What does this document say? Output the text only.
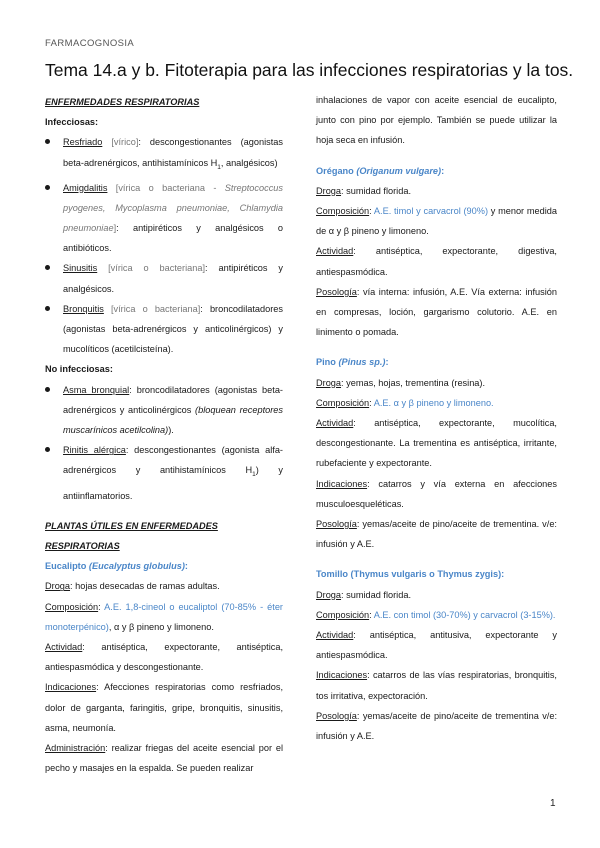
FARMACOGNOSIA
Tema 14.a y b. Fitoterapia para las infecciones respiratorias y la tos.

ENFERMEDADES RESPIRATORIAS

Infecciosas:

Resfriado [vírico]: descongestionantes (agonistas beta-adrenérgicos, antihistamínicos $H_1$, analgésicos)

Amigdalitis [vírica o bacteriana - Streptococcus pyogenes, Mycoplasma pneumoniae, Chlamydia pneumoniae]: antipiréticos y analgésicos o antibióticos.

Sinusitis [vírica o bacteriana]: antipiréticos y analgésicos.

Bronquitis [vírica o bacteriana]: broncodilatadores (agonistas beta-adrenérgicos y anticolinérgicos) y mucolíticos (acetilcisteína).

No infecciosas:

Asma bronquial: broncodilatadores (agonistas beta-adrenérgicos y anticolinérgicos (bloquean receptores muscarínicos acetilcolina)).

Rinitis alérgica: descongestionantes (agonista alfa-adrenérgicos y antihistamínicos $H_1$) y antiinflamatorios.

PLANTAS ÚTILES EN ENFERMEDADES RESPIRATORIAS

Eucalipto (Eucalyptus globulus):

Droga: hojas desecadas de ramas adultas.

Composición: A.E. 1,8-cineol o eucaliptol (70-85% - éter monoterpénico), α y β pineno y limoneno.

Actividad: antiséptica, expectorante, antiséptica, antiespasmódica y descongestionante.

Indicaciones: Afecciones respiratorias como resfriados, dolor de garganta, faringitis, gripe, bronquitis, sinusitis, asma, neumonía.

Administración: realizar friegas del aceite esencial por el pecho y masajes en la espalda. Se pueden realizar

inhalaciones de vapor con aceite esencial de eucalipto, junto con pino por ejemplo. También se puede utilizar la hoja seca en infusión.

Orégano (Origanum vulgare):

Droga: sumidad florida.

Composición: A.E. timol y carvacrol (90%) y menor medida de α y β pineno y limoneno.

Actividad: antiséptica, expectorante, digestiva, antiespasmódica.

Posología: vía interna: infusión, A.E. Vía externa: infusión en compresas, loción, gargarismo colutorio. A.E. en linimento o pomada.

Pino (Pinus sp.):

Droga: yemas, hojas, trementina (resina).

Composición: A.E. α y β pineno y limoneno.

Actividad: antiséptica, expectorante, mucolítica, descongestionante. La trementina es antiséptica, irritante, rubefaciente y expectorante.

Indicaciones: catarros y vía externa en afecciones musculoesqueléticas.

Posología: yemas/aceite de pino/aceite de trementina. v/e: infusión y A.E.

Tomillo (Thymus vulgaris o Thymus zygis):

Droga: sumidad florida.

Composición: A.E. con timol (30-70%) y carvacrol (3-15%).

Actividad: antiséptica, antitusiva, expectorante y antiespasmódica.

Indicaciones: catarros de las vías respiratorias, bronquitis, tos irritativa, expectoración.

Posología: yemas/aceite de pino/aceite de trementina v/e: infusión y A.E.

1
